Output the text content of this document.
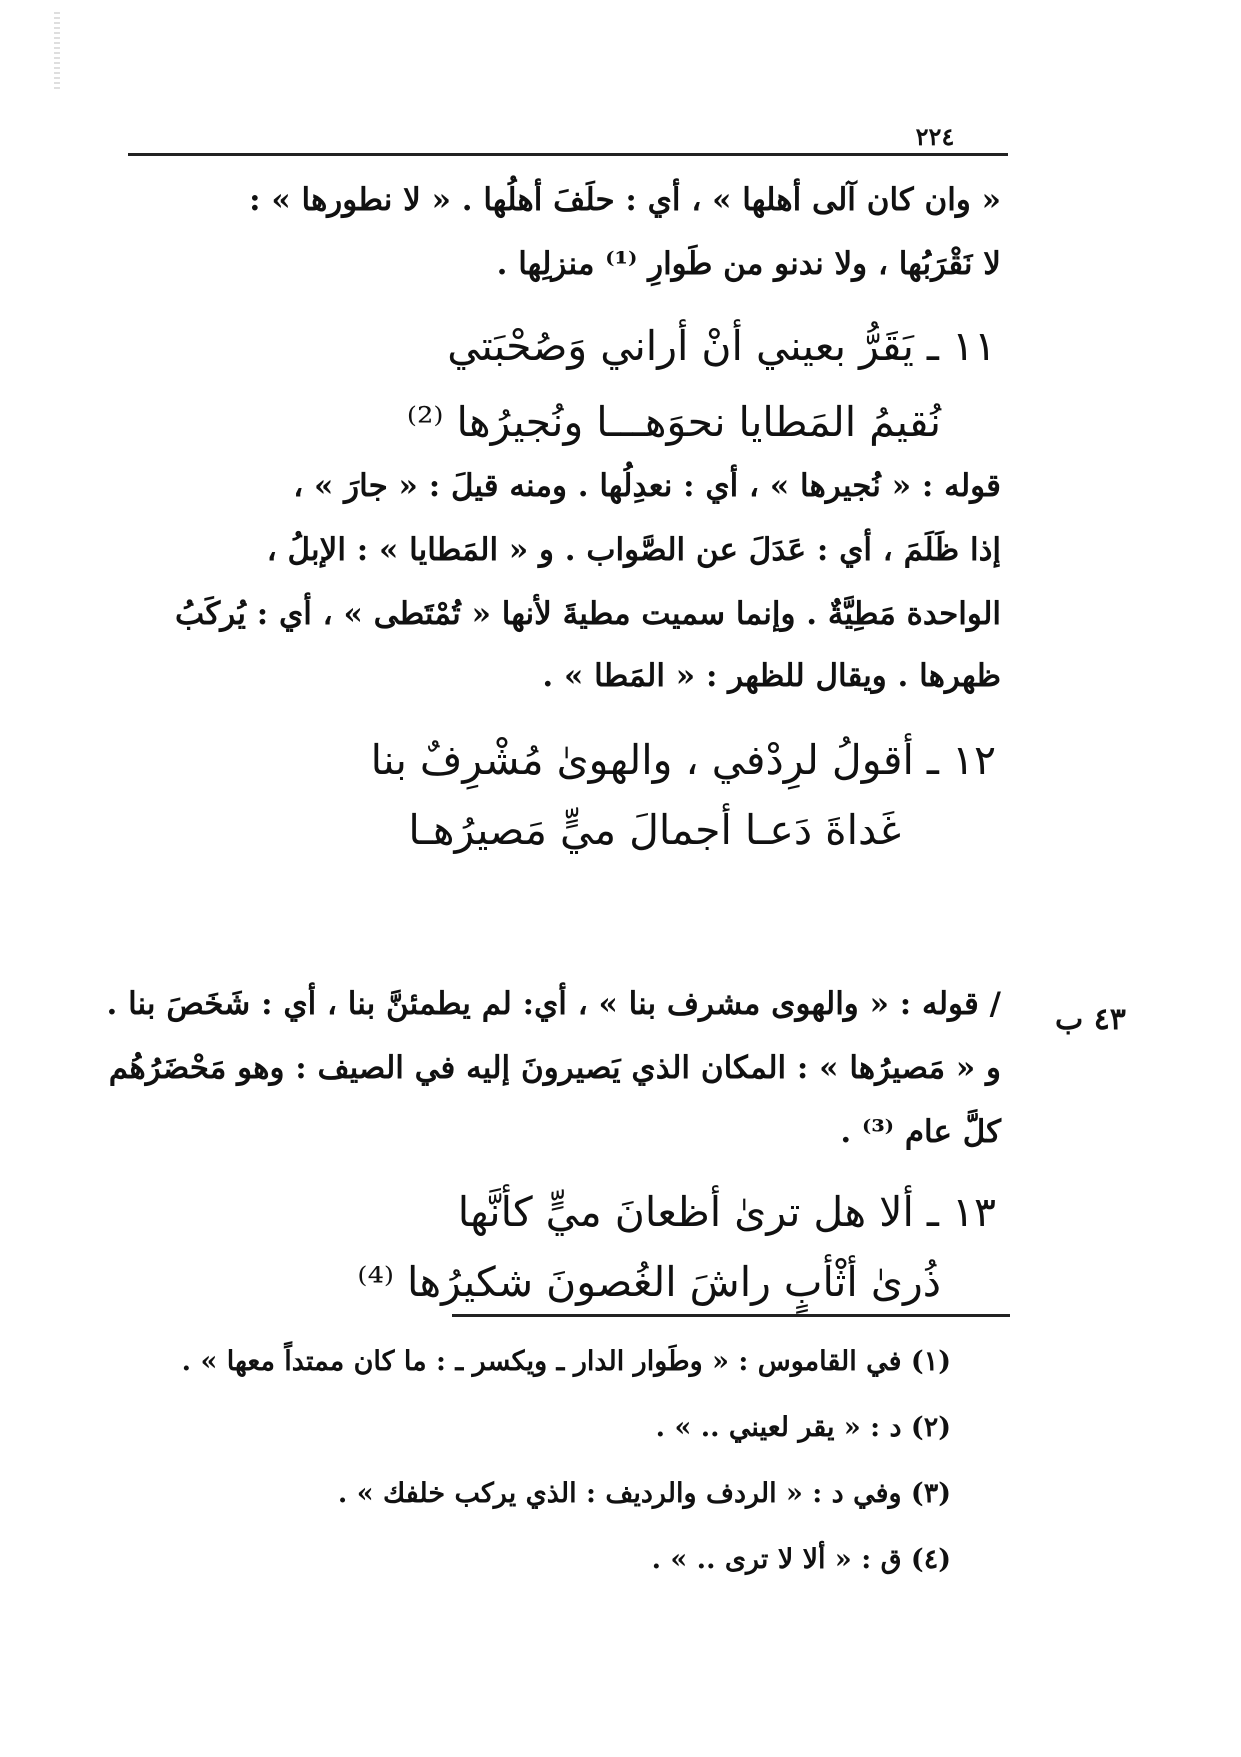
٢٢٤
« وان كان آلى أهلها » ، أي : حلَفَ أهلُها . « لا نطورها » :
لا نَقْرَبُها ، ولا ندنو من طَوارِ ⁽¹⁾ منزلِها .
١١ ـ يَقَرُّ بعيني أنْ أراني وَصُحْبَتي
نُقيمُ المَطايا نحوَهـــا ونُجيرُها ⁽²⁾
قوله : « نُجيرها » ، أي : نعدِلُها . ومنه قيلَ : « جارَ » ،
إذا ظَلَمَ ، أي : عَدَلَ عن الصَّواب . و « المَطايا » : الإبلُ ،
الواحدة مَطِيَّةٌ . وإنما سميت مطيةَ لأنها « تُمْتَطى » ، أي : يُركَبُ
ظهرها . ويقال للظهر : « المَطا » .
١٢ ـ أقولُ لرِدْفي ، والهوىٰ مُشْرِفٌ بنا
غَداةَ دَعـا أجمالَ ميٍّ مَصيرُهـا
٤٣ ب
/ قوله : « والهوى مشرف بنا » ، أي: لم يطمئنَّ بنا ، أي : شَخَصَ بنا .
و « مَصيرُها » : المكان الذي يَصيرونَ إليه في الصيف : وهو مَحْضَرُهُم
كلَّ عام ⁽³⁾ .
١٣ ـ ألا هل ترىٰ أظعانَ ميٍّ كأنَّها
ذُرىٰ أثْأبٍ راشَ الغُصونَ شكيرُها ⁽⁴⁾
(١) في القاموس : « وطَوار الدار ـ ويكسر ـ : ما كان ممتداً معها » .
(٢) د : « يقر لعيني .. » .
(٣) وفي د : « الردف والرديف : الذي يركب خلفك » .
(٤) ق : « ألا لا ترى .. » .
